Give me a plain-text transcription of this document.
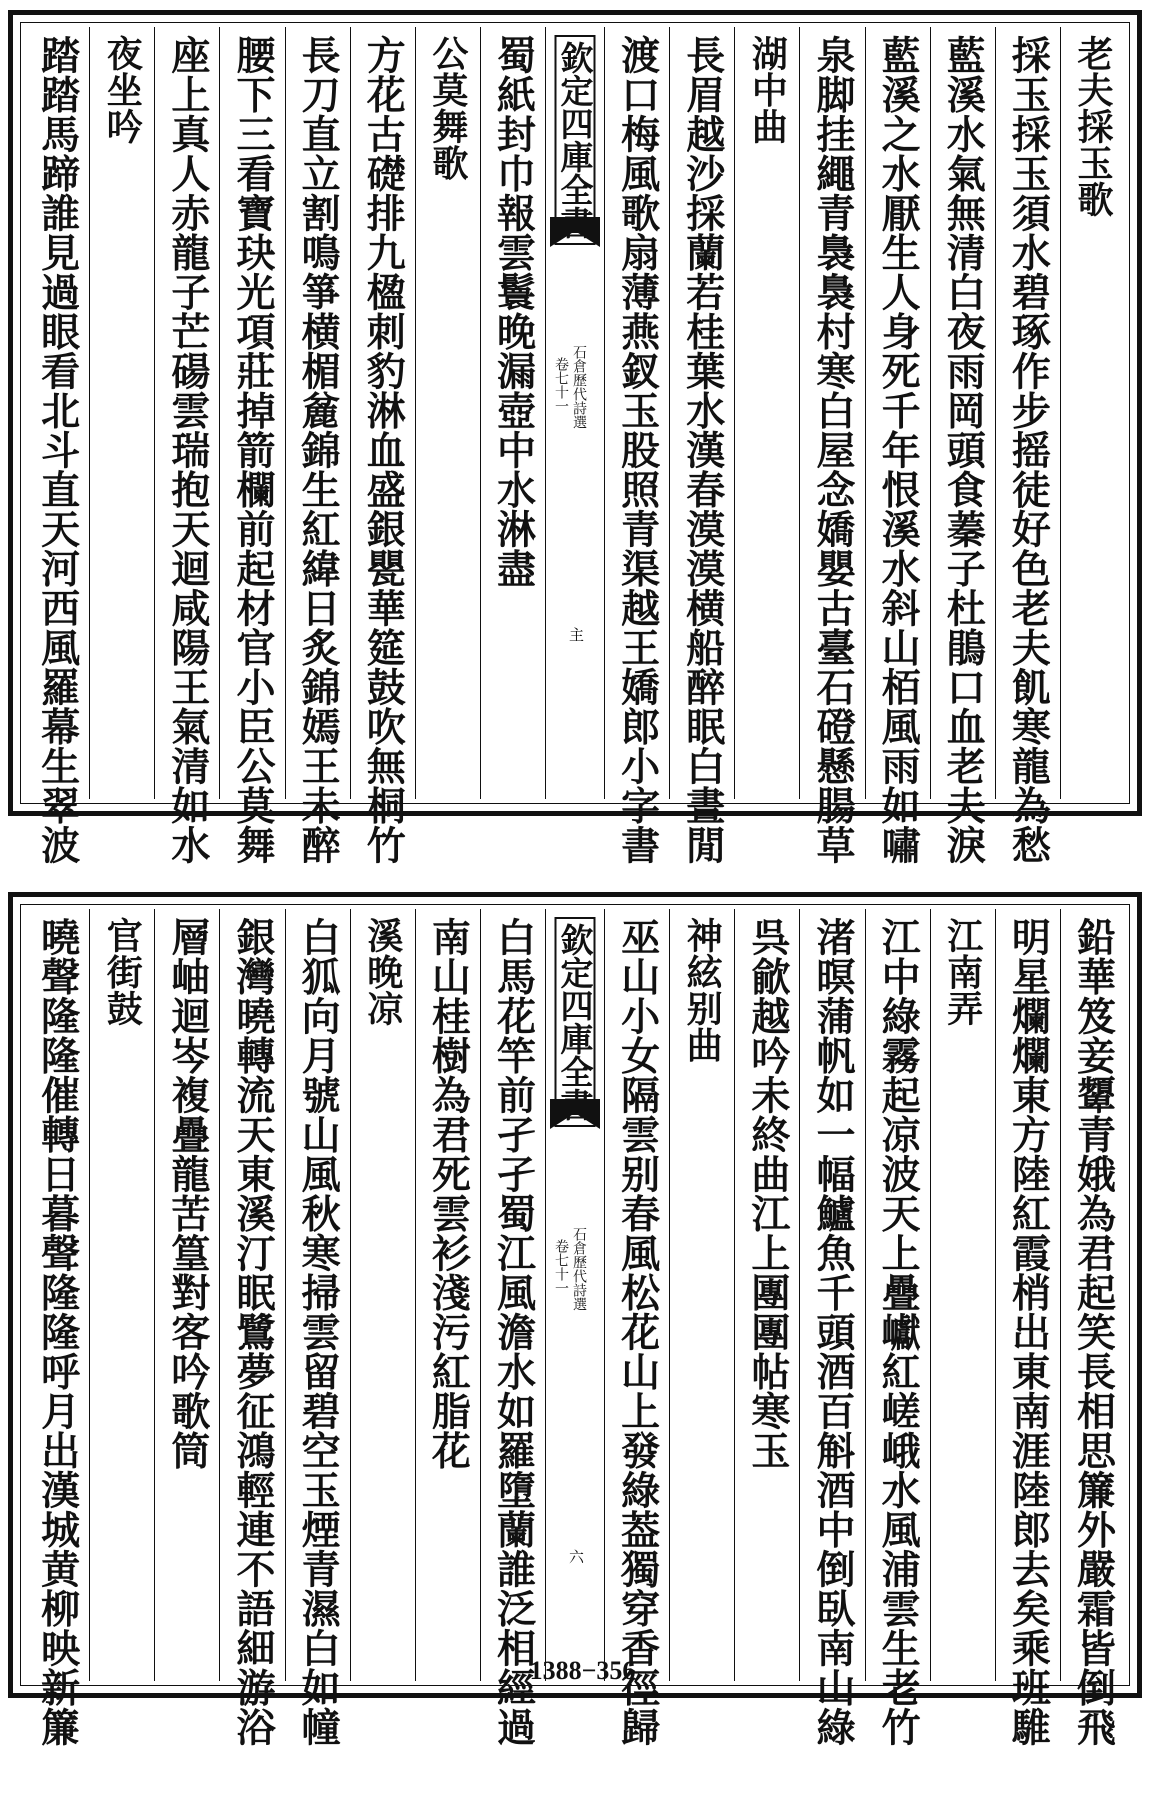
老夫採玉歌
採玉採玉須水碧琢作步摇徒好色老夫飢寒龍為愁
藍溪水氣無清白夜雨岡頭食蓁子杜鵑口血老夫淚
藍溪之水厭生人身死千年恨溪水斜山栢風雨如嘯
泉脚挂繩青裊裊村寒白屋念嬌嬰古臺石磴懸腸草
湖中曲
長眉越沙採蘭若桂葉水漢春漠漠横船醉眠白晝閒
渡口梅風歌扇薄燕釵玉股照青渠越王嬌郎小字書
欽定四庫全書
石倉歷代詩選
卷七十一
主
蜀紙封巾報雲鬟晚漏壺中水淋盡
公莫舞歌
方花古礎排九楹刺豹淋血盛銀甖華筵鼓吹無桐竹
長刀直立割鳴箏横楣麄錦生紅緯日炙錦嫣王未醉
腰下三看寶玦光項莊掉箭欄前起材官小臣公莫舞
座上真人赤龍子芒碭雲瑞抱天迴咸陽王氣清如水
夜坐吟
踏踏馬蹄誰見過眼看北斗直天河西風羅幕生翠波
鉛華笈妾顰青娥為君起笑長相思簾外嚴霜皆倒飛
明星爛爛東方陸紅霞梢出東南涯陸郎去矣乘班騅
江南弄
江中綠霧起凉波天上疊巘紅嵯峨水風浦雲生老竹
渚暝蒲帆如一幅鱸魚千頭酒百斛酒中倒臥南山綠
呉歈越吟未終曲江上團團帖寒玉
神絃别曲
巫山小女隔雲别春風松花山上發綠葢獨穿香徑歸
欽定四庫全書
石倉歷代詩選
卷七十一
六
白馬花竿前孑孑蜀江風澹水如羅墮蘭誰泛相經過
南山桂樹為君死雲衫淺污紅脂花
溪晚凉
白狐向月號山風秋寒掃雲留碧空玉煙青濕白如幢
銀灣曉轉流天東溪汀眠鷺夢征鴻輕連不語細游浴
層岫迴岑複疊龍苦篁對客吟歌筒
官街鼓
曉聲隆隆催轉日暮聲隆隆呼月出漢城黄柳映新簾	1388−356
